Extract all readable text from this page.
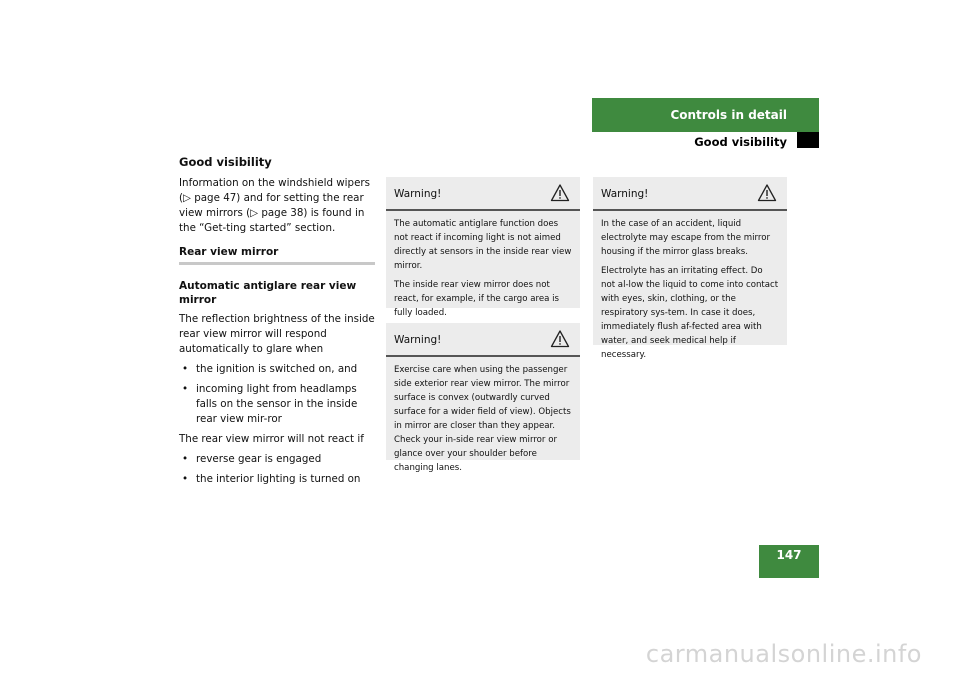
Controls in detail
Good visibility
Good visibility

Information on the windshield wipers (▷ page 47) and for setting the rear view mirrors (▷ page 38) is found in the “Get-ting started” section.

Rear view mirror
Automatic antiglare rear view mirror

The reflection brightness of the inside rear view mirror will respond automatically to glare when

• the ignition is switched on, and
• incoming light from headlamps falls on the sensor in the inside rear view mir-ror

The rear view mirror will not react if

• reverse gear is engaged
• the interior lighting is turned on
Warning!

The automatic antiglare function does not react if incoming light is not aimed directly at sensors in the inside rear view mirror.

The inside rear view mirror does not react, for example, if the cargo area is fully loaded.

Warning!

Exercise care when using the passenger side exterior rear view mirror. The mirror surface is convex (outwardly curved surface for a wider field of view). Objects in mirror are closer than they appear. Check your in-side rear view mirror or glance over your shoulder before changing lanes.

Warning!

In the case of an accident, liquid electrolyte may escape from the mirror housing if the mirror glass breaks.

Electrolyte has an irritating effect. Do not al-low the liquid to come into contact with eyes, skin, clothing, or the respiratory sys-tem. In case it does, immediately flush af-fected area with water, and seek medical help if necessary.

147
carmanualsonline.info
